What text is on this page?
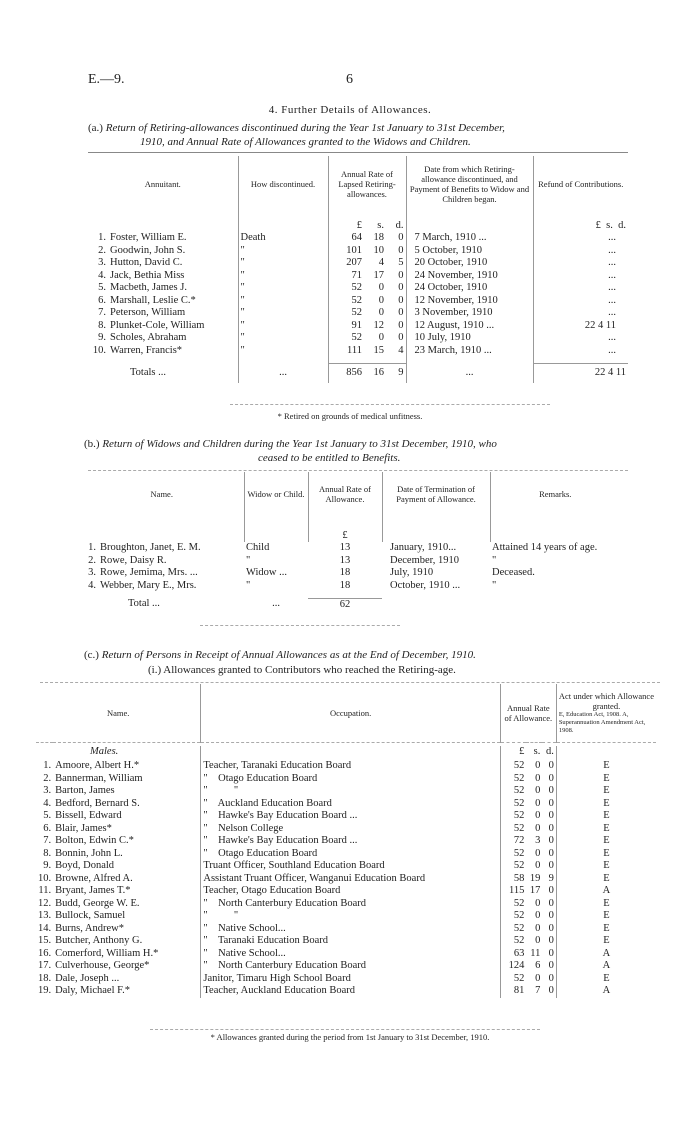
E.—9.	6
4. Further Details of Allowances.
(a.) Return of Retiring-allowances discontinued during the Year 1st January to 31st December,
1910, and Annual Rate of Allowances granted to the Widows and Children.
Annuitant.		How discontinued.	Annual Rate of Lapsed Retiring-allowances.			Date from which Retiring-allowance discontinued, and Payment of Benefits to Widow and Children began.	Refund of Contributions.
			£	s.	d.		£ s. d.
1.	Foster, William E.	Death	64	18	0	7 March, 1910 ...	...
2.	Goodwin, John S.	"	101	10	0	5 October, 1910	...
3.	Hutton, David C.	"	207	4	5	20 October, 1910	...
4.	Jack, Bethia Miss	"	71	17	0	24 November, 1910	...
5.	Macbeth, James J.	"	52	0	0	24 October, 1910	...
6.	Marshall, Leslie C.*	"	52	0	0	12 November, 1910	...
7.	Peterson, William	"	52	0	0	3 November, 1910	...
8.	Plunket-Cole, William	"	91	12	0	12 August, 1910 ...	22 4 11
9.	Scholes, Abraham	"	52	0	0	10 July, 1910	...
10.	Warren, Francis*	"	111	15	4	23 March, 1910 ...	...

	Totals ...	...	856	16	9	...	22 4 11
* Retired on grounds of medical unfitness.
(b.) Return of Widows and Children during the Year 1st January to 31st December, 1910, who
ceased to be entitled to Benefits.
Name.		Widow or Child.	Annual Rate of Allowance.	Date of Termination of Payment of Allowance.	Remarks.
			£		
1.	Broughton, Janet, E. M.	Child	13	January, 1910...	Attained 14 years of age.
2.	Rowe, Daisy R.	"	13	December, 1910	"
3.	Rowe, Jemima, Mrs. ...	Widow ...	18	July, 1910	Deceased.
4.	Webber, Mary E., Mrs.	"	18	October, 1910 ...	"

	Total ...	...	62		
(c.) Return of Persons in Receipt of Annual Allowances as at the End of December, 1910.
(i.) Allowances granted to Contributors who reached the Retiring-age.
Name.		Occupation.	Annual Rate of Allowance.			Act under which Allowance granted.
E, Education Act, 1908. A, Superannuation Amendment Act, 1908.

Males.			£	s.	d.	
1.	Amoore, Albert H.*	Teacher, Taranaki Education Board	52	0	0	E
2.	Bannerman, William	"    Otago Education Board	52	0	0	E
3.	Barton, James	"          "	52	0	0	E
4.	Bedford, Bernard S.	"    Auckland Education Board	52	0	0	E
5.	Bissell, Edward	"    Hawke's Bay Education Board ...	52	0	0	E
6.	Blair, James*	"    Nelson College	52	0	0	E
7.	Bolton, Edwin C.*	"    Hawke's Bay Education Board ...	72	3	0	E
8.	Bonnin, John L.	"    Otago Education Board	52	0	0	E
9.	Boyd, Donald	Truant Officer, Southland Education Board	52	0	0	E
10.	Browne, Alfred A.	Assistant Truant Officer, Wanganui Education Board	58	19	9	E
11.	Bryant, James T.*	Teacher, Otago Education Board	115	17	0	A
12.	Budd, George W. E.	"    North Canterbury Education Board	52	0	0	E
13.	Bullock, Samuel	"          "	52	0	0	E
14.	Burns, Andrew*	"    Native School...	52	0	0	E
15.	Butcher, Anthony G.	"    Taranaki Education Board	52	0	0	E
16.	Comerford, William H.*	"    Native School...	63	11	0	A
17.	Culverhouse, George*	"    North Canterbury Education Board	124	6	0	A
18.	Dale, Joseph ...	Janitor, Timaru High School Board	52	0	0	E
19.	Daly, Michael F.*	Teacher, Auckland Education Board	81	7	0	A
* Allowances granted during the period from 1st January to 31st December, 1910.
